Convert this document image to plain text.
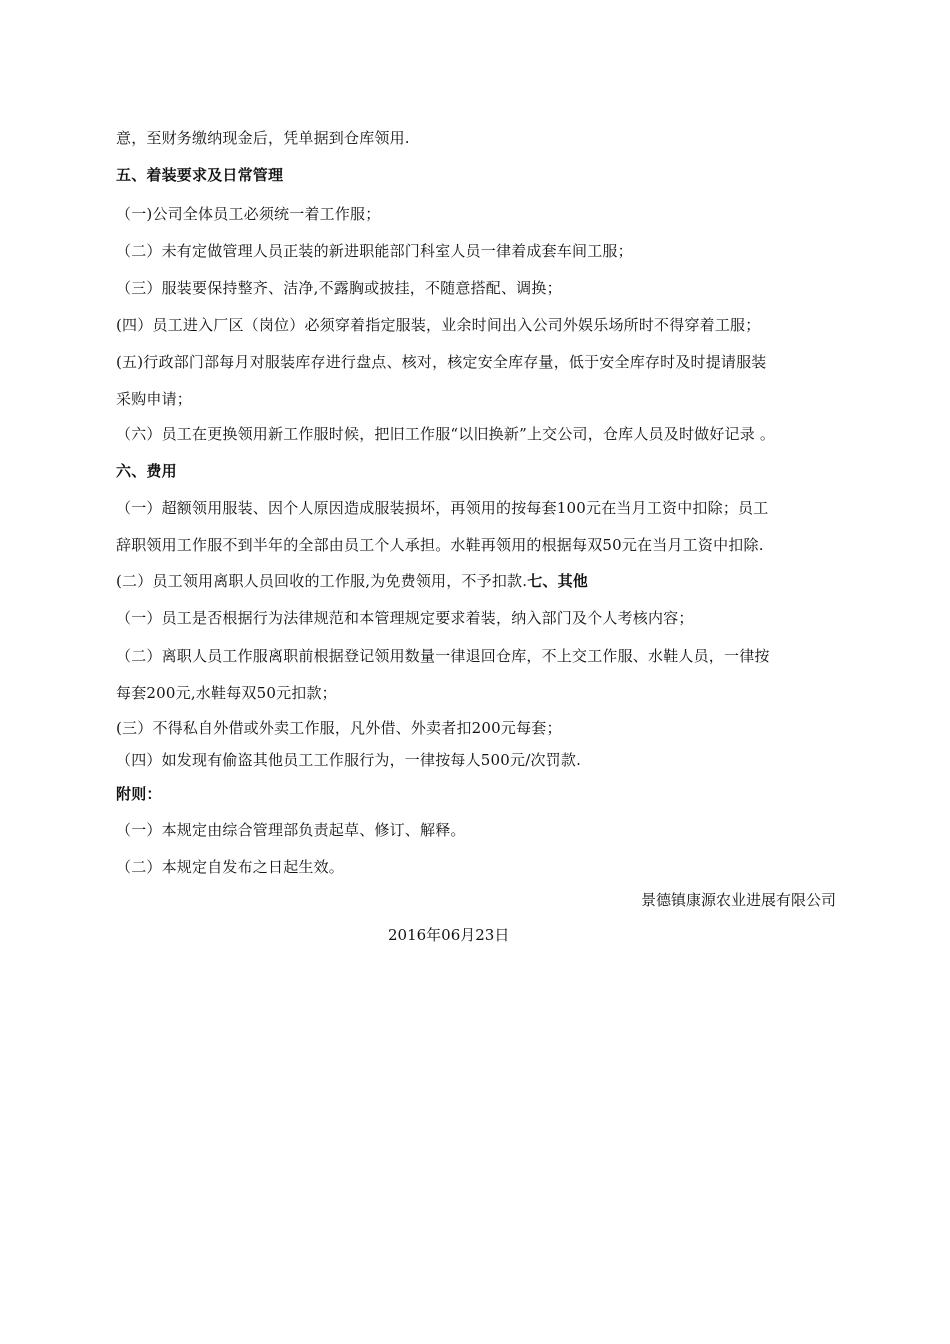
意，至财务缴纳现金后，凭单据到仓库领用.
五、着装要求及日常管理
（一)公司全体员工必须统一着工作服；
（二）未有定做管理人员正装的新进职能部门科室人员一律着成套车间工服；
（三）服装要保持整齐、洁净,不露胸或披挂，不随意搭配、调换；
(四）员工进入厂区（岗位）必须穿着指定服装，业余时间出入公司外娱乐场所时不得穿着工服；
(五)行政部门部每月对服装库存进行盘点、核对，核定安全库存量，低于安全库存时及时提请服装
采购申请；
（六）员工在更换领用新工作服时候，把旧工作服“以旧换新”上交公司，仓库人员及时做好记录 。
六、费用
（一）超额领用服装、因个人原因造成服装损坏，再领用的按每套100元在当月工资中扣除；员工
辞职领用工作服不到半年的全部由员工个人承担。水鞋再领用的根据每双50元在当月工资中扣除.
(二）员工领用离职人员回收的工作服,为免费领用，不予扣款.七、其他
（一）员工是否根据行为法律规范和本管理规定要求着装，纳入部门及个人考核内容；
（二）离职人员工作服离职前根据登记领用数量一律退回仓库，不上交工作服、水鞋人员，一律按
每套200元,水鞋每双50元扣款；
(三）不得私自外借或外卖工作服，凡外借、外卖者扣200元每套；
（四）如发现有偷盗其他员工工作服行为，一律按每人500元/次罚款.
附则：
（一）本规定由综合管理部负责起草、修订、解释。
（二）本规定自发布之日起生效。
景德镇康源农业进展有限公司
2016年06月23日
